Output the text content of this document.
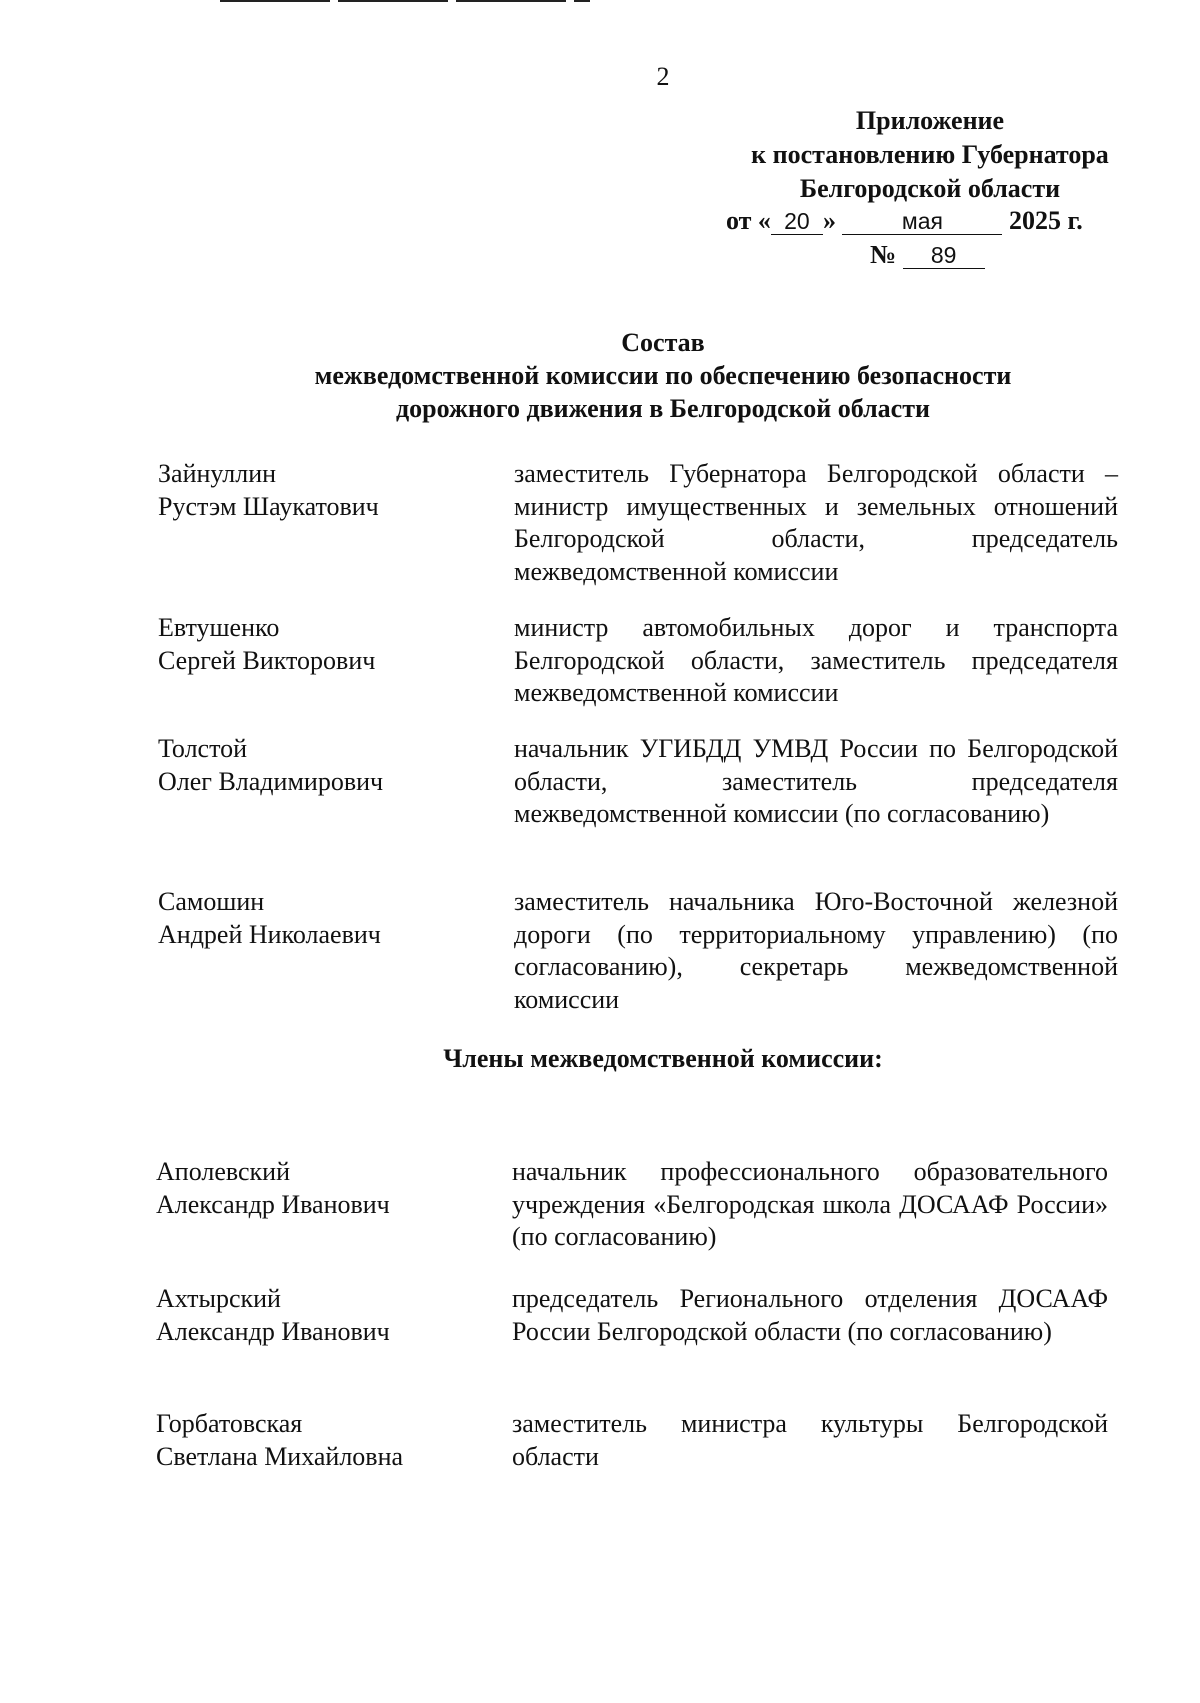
2
Приложение
к постановлению Губернатора
Белгородской области
от « 20 »	мая	2025 г.
№ 89
Состав
межведомственной комиссии по обеспечению безопасности
дорожного движения в Белгородской области
Зайнуллин
Рустэм Шаукатович
заместитель Губернатора Белгородской области – министр имущественных и земельных отношений Белгородской области, председатель межведомственной комиссии
Евтушенко
Сергей Викторович
министр автомобильных дорог и транспорта Белгородской области, заместитель председателя межведомственной комиссии
Толстой
Олег Владимирович
начальник УГИБДД УМВД России по Белгородской области, заместитель председателя межведомственной комиссии (по согласованию)
Самошин
Андрей Николаевич
заместитель начальника Юго-Восточной железной дороги (по территориальному управлению) (по согласованию), секретарь межведомственной комиссии
Члены межведомственной комиссии:
Аполевский
Александр Иванович
начальник профессионального образовательного учреждения «Белгородская школа ДОСААФ России» (по согласованию)
Ахтырский
Александр Иванович
председатель Регионального отделения ДОСААФ России Белгородской области (по согласованию)
Горбатовская
Светлана Михайловна
заместитель министра культуры Белгородской области
